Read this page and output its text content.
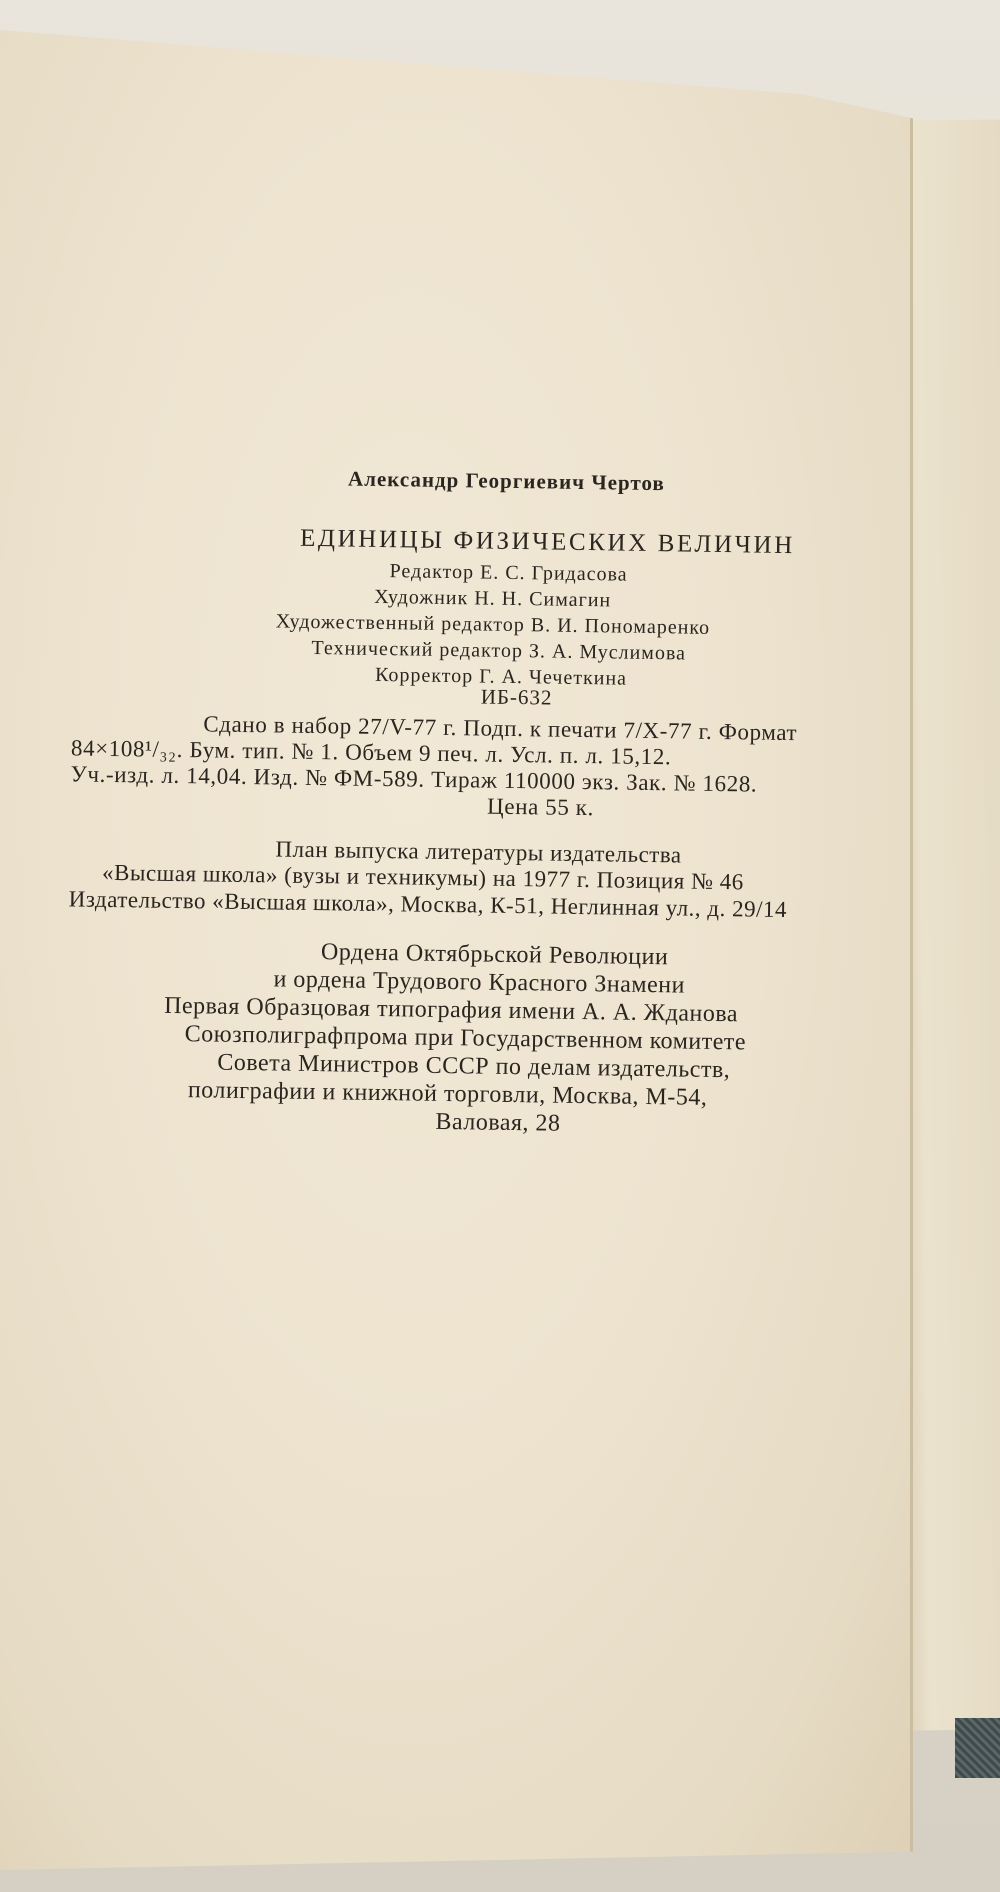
Александр Георгиевич Чертов
ЕДИНИЦЫ ФИЗИЧЕСКИХ ВЕЛИЧИН
Редактор Е. С. Гридасова
Художник Н. Н. Симагин
Художественный редактор В. И. Пономаренко
Технический редактор З. А. Муслимова
Корректор Г. А. Чечеткина
ИБ-632
Сдано в набор 27/V-77 г. Подп. к печати 7/X-77 г. Формат
84×108¹/₃₂. Бум. тип. № 1. Объем 9 печ. л. Усл. п. л. 15,12.
Уч.-изд. л. 14,04. Изд. № ФМ-589. Тираж 110000 экз. Зак. № 1628.
Цена 55 к.
План выпуска литературы издательства
«Высшая школа» (вузы и техникумы) на 1977 г. Позиция № 46
Издательство «Высшая школа», Москва, К-51, Неглинная ул., д. 29/14
Ордена Октябрьской Революции
и ордена Трудового Красного Знамени
Первая Образцовая типография имени А. А. Жданова
Союзполиграфпрома при Государственном комитете
Совета Министров СССР по делам издательств,
полиграфии и книжной торговли, Москва, М-54,
Валовая, 28
